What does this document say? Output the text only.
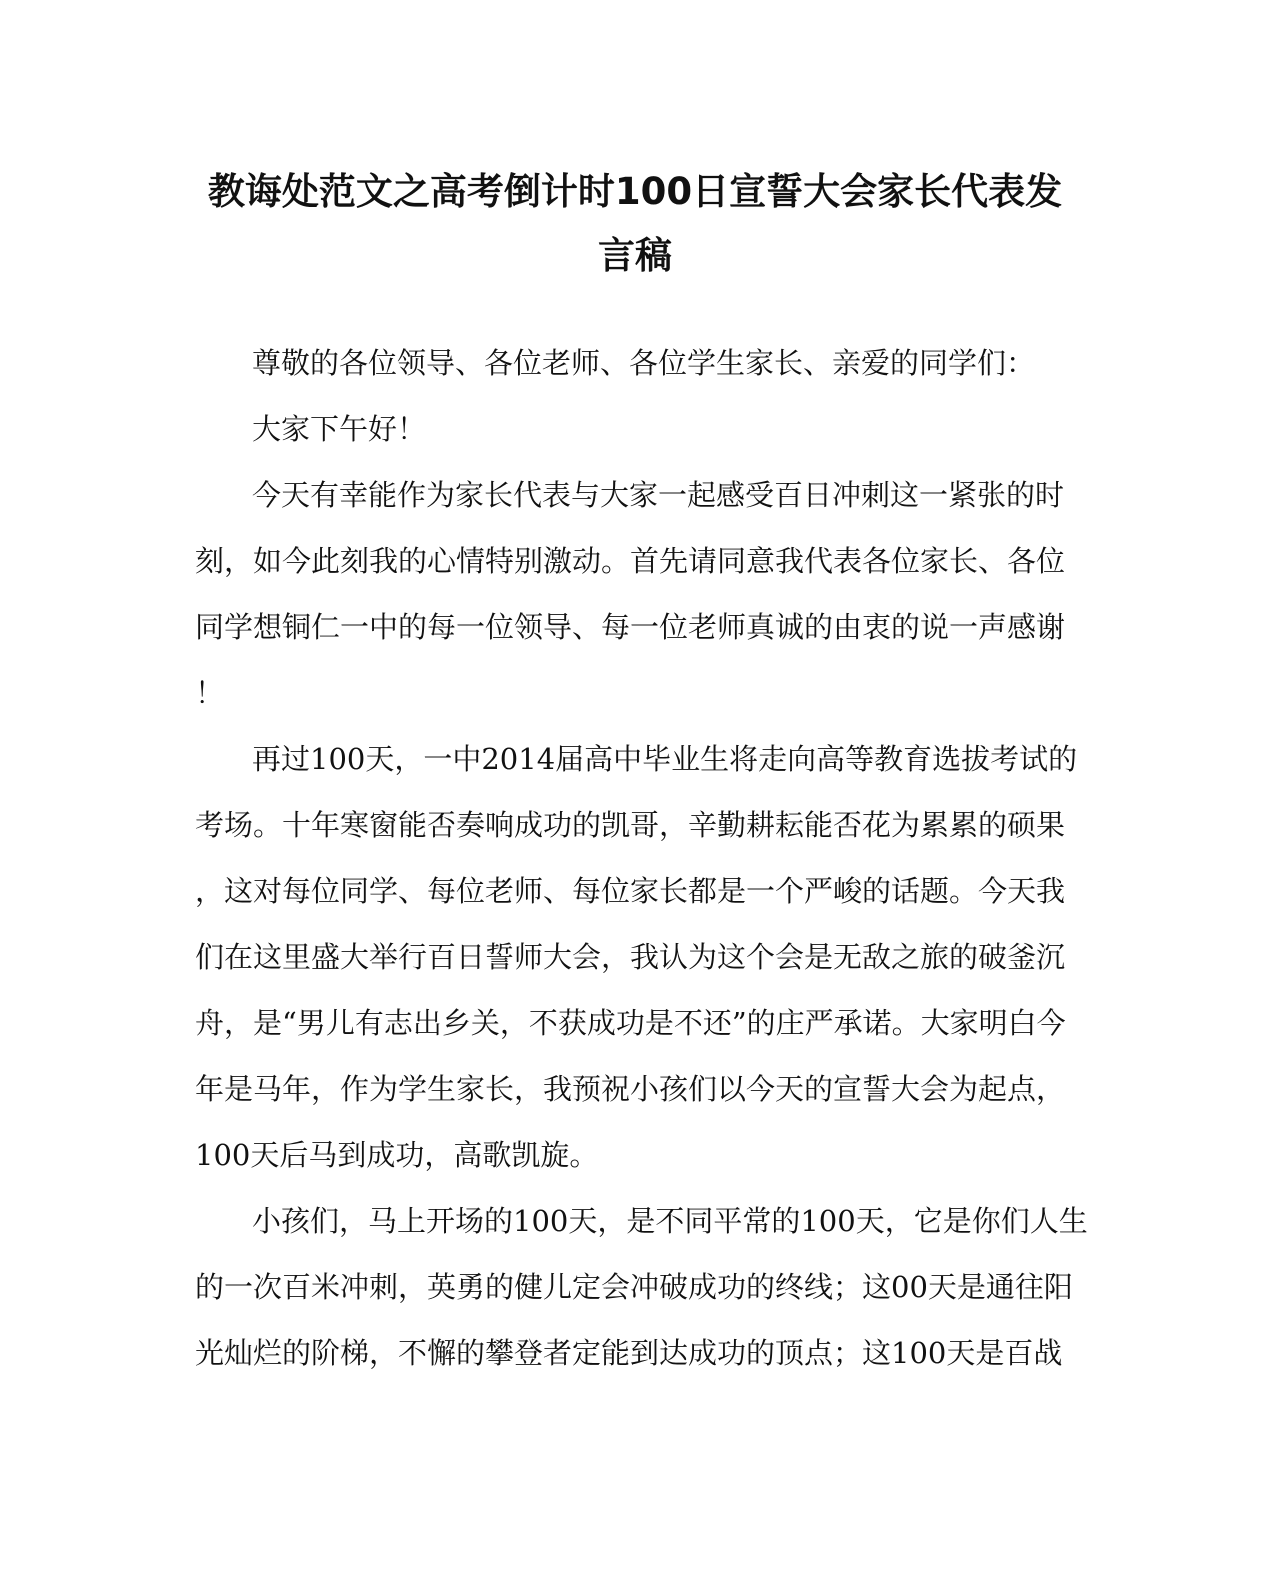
教诲处范文之高考倒计时100日宣誓大会家长代表发
言稿
尊敬的各位领导、各位老师、各位学生家长、亲爱的同学们：
大家下午好！
今天有幸能作为家长代表与大家一起感受百日冲刺这一紧张的时
刻，如今此刻我的心情特别激动。首先请同意我代表各位家长、各位
同学想铜仁一中的每一位领导、每一位老师真诚的由衷的说一声感谢
！
再过100天，一中2014届高中毕业生将走向高等教育选拔考试的
考场。十年寒窗能否奏响成功的凯哥，辛勤耕耘能否花为累累的硕果
，这对每位同学、每位老师、每位家长都是一个严峻的话题。今天我
们在这里盛大举行百日誓师大会，我认为这个会是无敌之旅的破釜沉
舟，是“男儿有志出乡关，不获成功是不还”的庄严承诺。大家明白今
年是马年，作为学生家长，我预祝小孩们以今天的宣誓大会为起点，
100天后马到成功，高歌凯旋。
小孩们，马上开场的100天，是不同平常的100天，它是你们人生
的一次百米冲刺，英勇的健儿定会冲破成功的终线；这00天是通往阳
光灿烂的阶梯，不懈的攀登者定能到达成功的顶点；这100天是百战
